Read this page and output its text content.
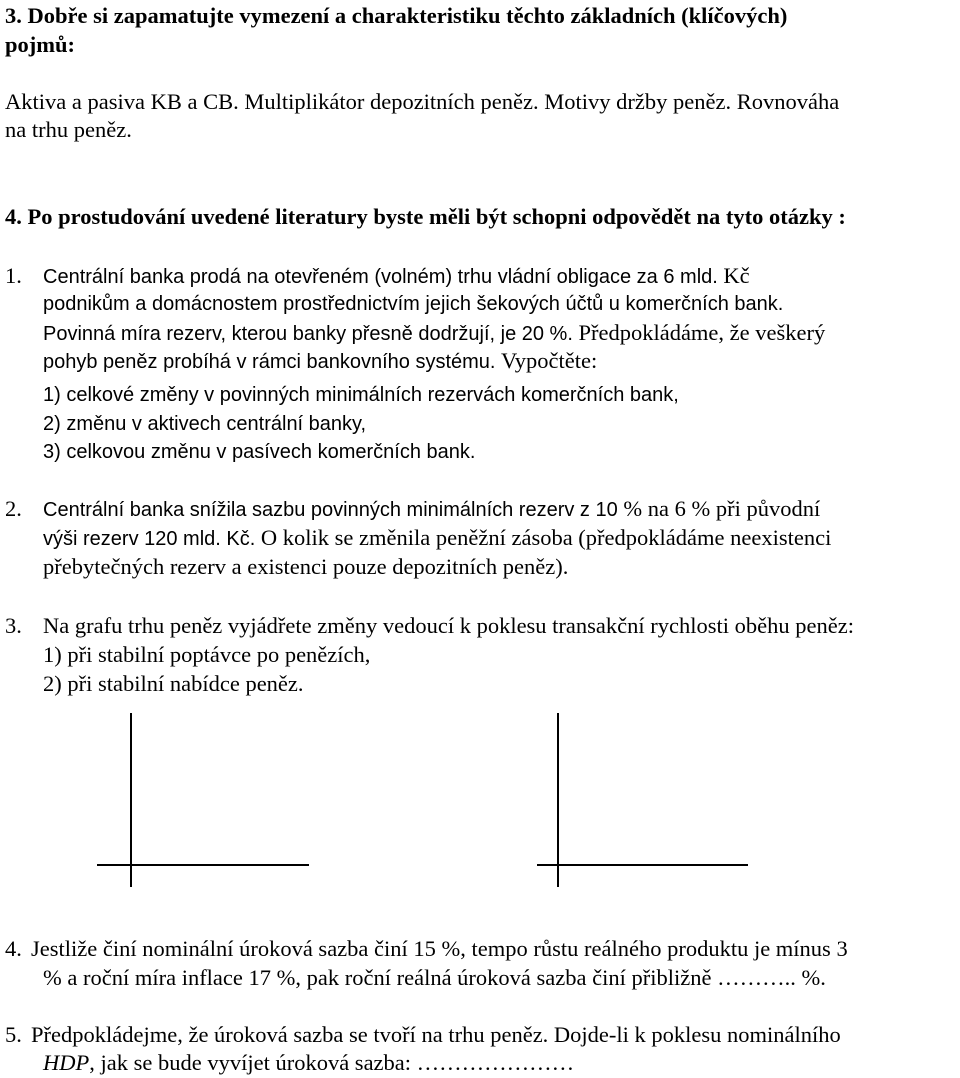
3. Dobře si zapamatujte vymezení a charakteristiku těchto základních (klíčových)
pojmů:
Aktiva a pasiva KB a CB. Multiplikátor depozitních peněz. Motivy držby peněz. Rovnováha
na trhu peněz.
4. Po prostudování uvedené literatury byste měli být schopni odpovědět na tyto otázky :
1. Centrální banka prodá na otevřeném (volném) trhu vládní obligace za 6 mld. Kč
podnikům a domácnostem prostřednictvím jejich šekových účtů u komerčních bank.
Povinná míra rezerv, kterou banky přesně dodržují, je 20 %. Předpokládáme, že veškerý
pohyb peněz probíhá v rámci bankovního systému. Vypočtěte:
1) celkové změny v povinných minimálních rezervách komerčních bank,
2) změnu v aktivech centrální banky,
3) celkovou změnu v pasívech komerčních bank.
2. Centrální banka snížila sazbu povinných minimálních rezerv z 10 % na 6 % při původní
výši rezerv 120 mld. Kč. O kolik se změnila peněžní zásoba (předpokládáme neexistenci
přebytečných rezerv a existenci pouze depozitních peněz).
3. Na grafu trhu peněz vyjádřete změny vedoucí k poklesu transakční rychlosti oběhu peněz:
1) při stabilní poptávce po penězích,
2) při stabilní nabídce peněz.
4. Jestliže činí nominální úroková sazba činí 15 %, tempo růstu reálného produktu je mínus 3
% a roční míra inflace 17 %, pak roční reálná úroková sazba činí přibližně ……….. %.
5. Předpokládejme, že úroková sazba se tvoří na trhu peněz. Dojde-li k poklesu nominálního
HDP, jak se bude vyvíjet úroková sazba: …………………
